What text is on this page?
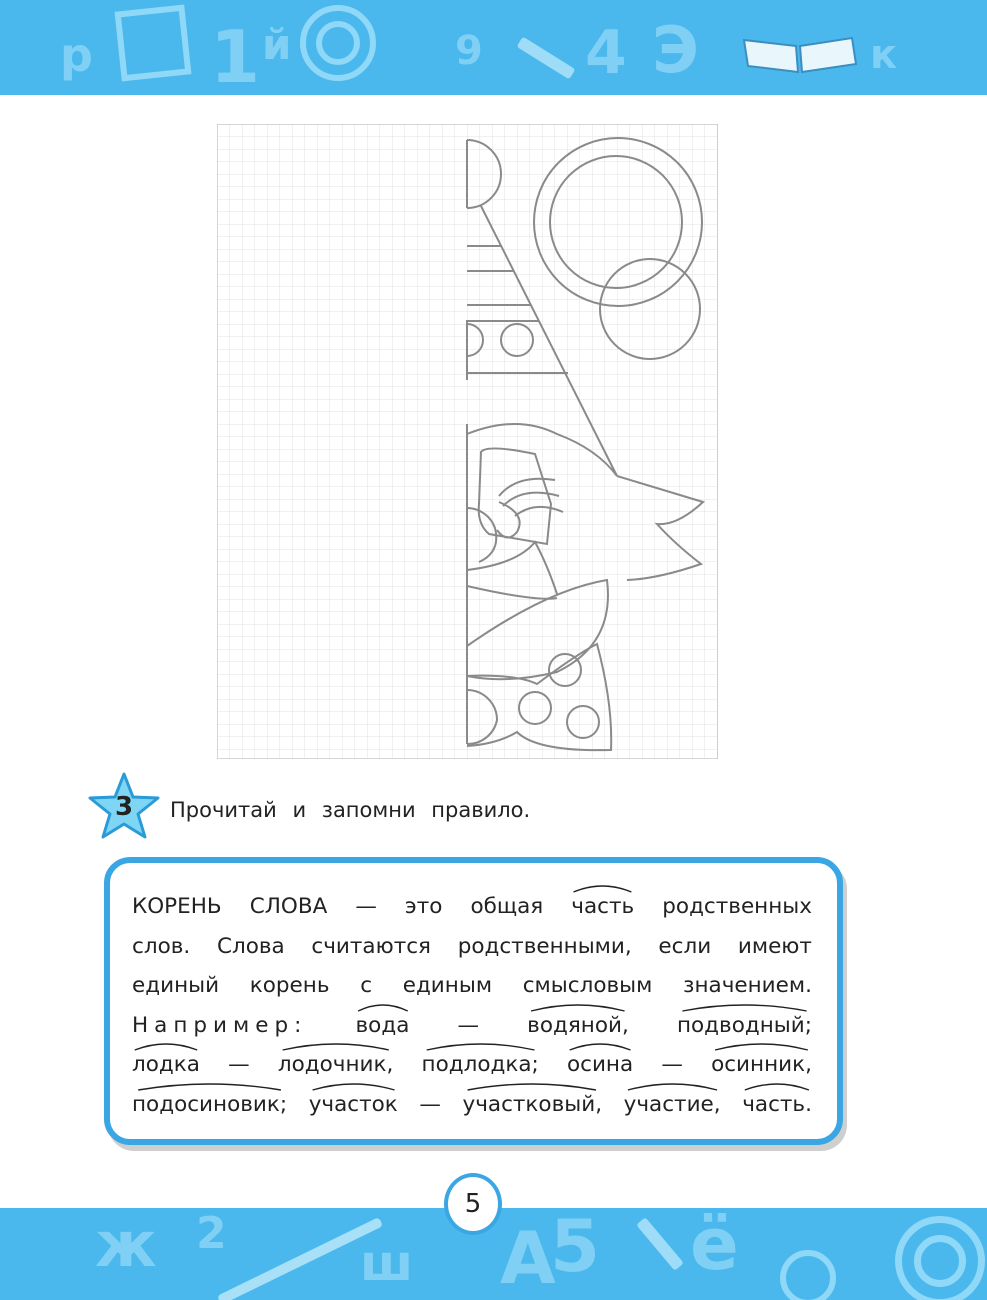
р 1 й	9 4 Э	к
3	Прочитай и запомни правило.
КОРЕНЬ СЛОВА — это общая часть родственных
слов. Слова считаются родственными, если имеют
единый корень с единым смысловым значением.
Например: вода — водяной, подводный;
лодка — лодочник, подлодка; осина — осинник,
подосиновик; участок — участковый, участие, часть.
ж 2
ш А
5 ё
5
